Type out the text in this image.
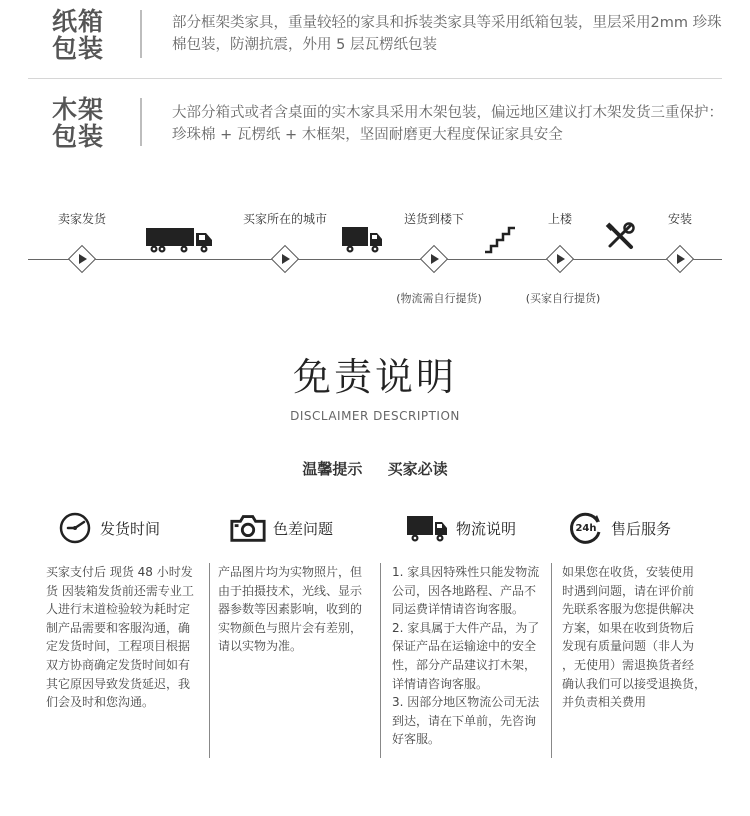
纸箱
包装
部分框架类家具，重量较轻的家具和拆装类家具等采用纸箱包装，里层采用2mm 珍珠棉包装，防潮抗震，外用 5 层瓦楞纸包装
木架
包装
大部分箱式或者含桌面的实木家具采用木架包装，偏远地区建议打木架发货三重保护：珍珠棉 + 瓦楞纸 + 木框架，坚固耐磨更大程度保证家具安全
卖家发货	买家所在的城市	送货到楼下	上楼	安装
(物流需自行提货)	(买家自行提货)
免责说明
DISCLAIMER DESCRIPTION
温馨提示 买家必读
发货时间
买家支付后 现货 48 小时发
货 因装箱发货前还需专业工
人进行末道检验较为耗时定
制产品需要和客服沟通，确
定发货时间，工程项目根据
双方协商确定发货时间如有
其它原因导致发货延迟，我
们会及时和您沟通。
色差问题
产品图片均为实物照片，但
由于拍摄技术，光线、显示
器参数等因素影响，收到的
实物颜色与照片会有差别，
请以实物为准。
物流说明
1. 家具因特殊性只能发物流
公司，因各地路程、产品不
同运费详情请咨询客服。
2. 家具属于大件产品，为了
保证产品在运输途中的安全
性，部分产品建议打木架，
详情请咨询客服。
3. 因部分地区物流公司无法
到达，请在下单前，先咨询
好客服。
24h 售后服务
如果您在收货，安装使用
时遇到问题，请在评价前
先联系客服为您提供解决
方案，如果在收到货物后
发现有质量问题（非人为
，无使用）需退换货者经
确认我们可以接受退换货，
并负责相关费用
